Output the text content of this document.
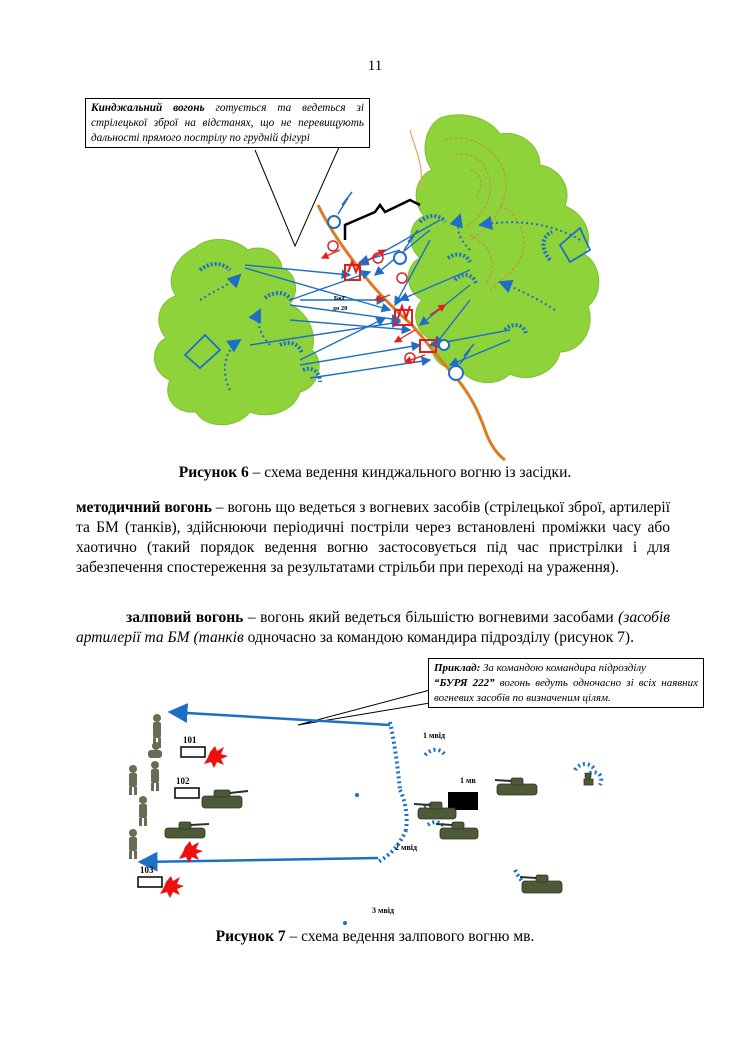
11
БкГ
до 20
Кинджальний вогонь готується та ведеться зі стрілецької зброї на відстанях, що не перевищують дальності прямого пострілу по грудній фігурі
Рисунок 6 – схема ведення кинджального вогню із засідки.
методичний вогонь – вогонь що ведеться з вогневих засобів (стрілецької зброї, артилерії та БМ (танків), здійснюючи періодичні постріли через встановлені проміжки часу або хаотично (такий порядок ведення вогню застосовується під час пристрілки і для забезпечення спостереження за результатами стрільби при переході на ураження).
залповий вогонь – вогонь який ведеться більшістю вогневими засобами (засобів артилерії та БМ (танків одночасно за командою командира підрозділу (рисунок 7).
101
102
103
1 мвід
1 мв
2 мвід
3 мвід
Приклад: За командою командира підрозділу
“БУРЯ 222” вогонь ведуть одночасно зі всіх наявних вогневих засобів по визначеним цілям.
Рисунок 7 – схема ведення залпового вогню мв.
